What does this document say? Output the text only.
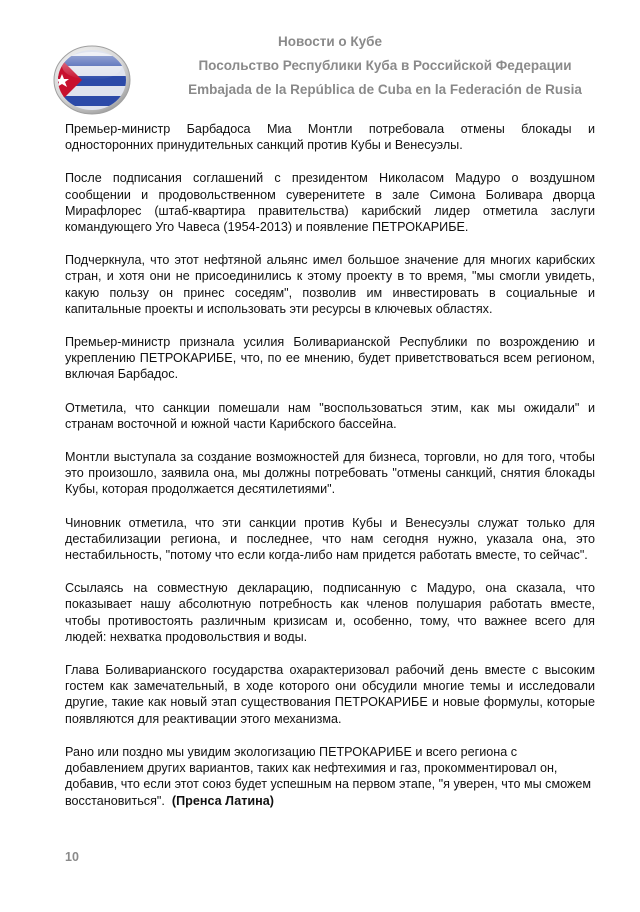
Новости о Кубе
Посольство Республики Куба в Российской Федерации
Embajada de la República de Cuba en la Federación de Rusia

Премьер-министр Барбадоса Миа Монтли потребовала отмены блокады и односторонних принудительных санкций против Кубы и Венесуэлы.

После подписания соглашений с президентом Николасом Мадуро о воздушном сообщении и продовольственном суверенитете в зале Симона Боливара дворца Мирафлорес (штаб-квартира правительства) карибский лидер отметила заслуги командующего Уго Чавеса (1954-2013) и появление ПЕТРОКАРИБЕ.

Подчеркнула, что этот нефтяной альянс имел большое значение для многих карибских стран, и хотя они не присоединились к этому проекту в то время, "мы смогли увидеть, какую пользу он принес соседям", позволив им инвестировать в социальные и капитальные проекты и использовать эти ресурсы в ключевых областях.

Премьер-министр признала усилия Боливарианской Республики по возрождению и укреплению ПЕТРОКАРИБЕ, что, по ее мнению, будет приветствоваться всем регионом, включая Барбадос.

Отметила, что санкции помешали нам "воспользоваться этим, как мы ожидали" и странам восточной и южной части Карибского бассейна.

Монтли выступала за создание возможностей для бизнеса, торговли, но для того, чтобы это произошло, заявила она, мы должны потребовать "отмены санкций, снятия блокады Кубы, которая продолжается десятилетиями".

Чиновник отметила, что эти санкции против Кубы и Венесуэлы служат только для дестабилизации региона, и последнее, что нам сегодня нужно, указала она, это нестабильность, "потому что если когда-либо нам придется работать вместе, то сейчас".

Ссылаясь на совместную декларацию, подписанную с Мадуро, она сказала, что показывает нашу абсолютную потребность как членов полушария работать вместе, чтобы противостоять различным кризисам и, особенно, тому, что важнее всего для людей: нехватка продовольствия и воды.

Глава Боливарианского государства охарактеризовал рабочий день вместе с высоким гостем как замечательный, в ходе которого они обсудили многие темы и исследовали другие, такие как новый этап существования ПЕТРОКАРИБЕ и новые формулы, которые появляются для реактивации этого механизма.

Рано или поздно мы увидим экологизацию ПЕТРОКАРИБЕ и всего региона с добавлением других вариантов, таких как нефтехимия и газ, прокомментировал он, добавив, что если этот союз будет успешным на первом этапе, "я уверен, что мы сможем восстановиться". (Пренса Латина)

10
